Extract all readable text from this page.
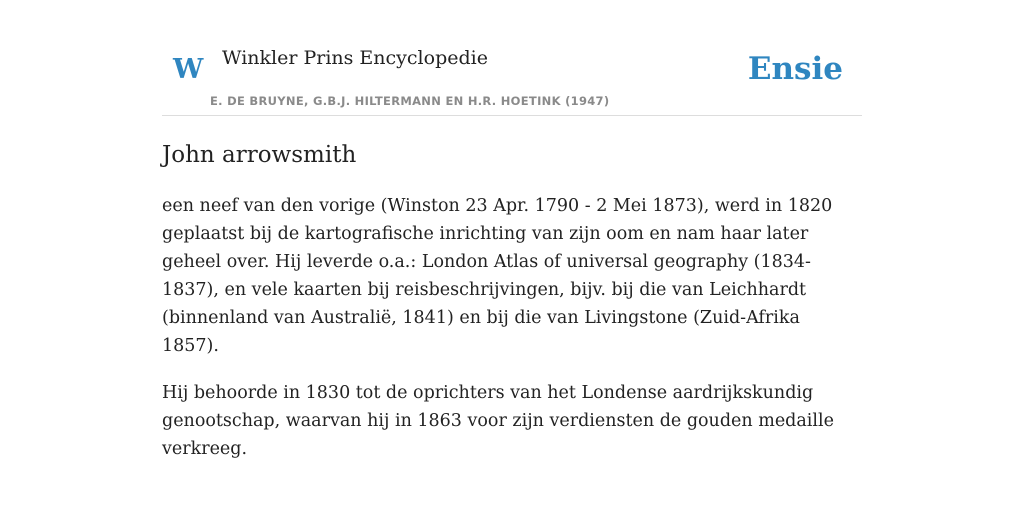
W Winkler Prins Encyclopedie	Ensie
E. DE BRUYNE, G.B.J. HILTERMANN EN H.R. HOETINK (1947)
John arrowsmith

een neef van den vorige (Winston 23 Apr. 1790 - 2 Mei 1873), werd in 1820 geplaatst bij de kartografische inrichting van zijn oom en nam haar later geheel over. Hij leverde o.a.: London Atlas of universal geography (1834-1837), en vele kaarten bij reisbeschrijvingen, bijv. bij die van Leichhardt (binnenland van Australië, 1841) en bij die van Livingstone (Zuid-Afrika 1857).

Hij behoorde in 1830 tot de oprichters van het Londense aardrijkskundig genootschap, waarvan hij in 1863 voor zijn verdiensten de gouden medaille verkreeg.
